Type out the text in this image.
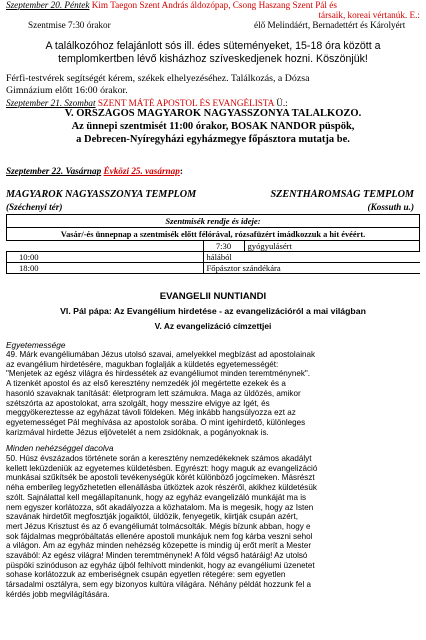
Szeptember 20. Péntek Kim Taegon Szent András áldozópap, Csong Haszang Szent Pál és
társaik, koreai vértanúk. E.:
Szentmise 7:30 órakor	élő Melindáért, Bernadettért és Károlyért
A találkozóhoz felajánlott sós ill. édes süteményeket, 15-18 óra között a
templomkertben lévő kisházhoz szíveskedjenek hozni. Köszönjük!
Férfi-testvérek segítségét kérem, székek elhelyezéséhez. Találkozás, a Dózsa
Gimnázium előtt 16:00 órakor.
Szeptember 21. Szombat SZENT MÁTÉ APOSTOL ÉS EVANGÉLISTA Ü.:
V. ORSZÁGOS MAGYAROK NAGYASSZONYA TALÁLKOZÓ.
Az ünnepi szentmisét 11:00 órakor, BOSÁK NÁNDOR püspök,
a Debrecen-Nyíregyházi egyházmegye főpásztora mutatja be.
Szeptember 22. Vasárnap Évközi 25. vasárnap:
MAGYAROK NAGYASSZONYA TEMPLOM	SZENTHÁROMSÁG TEMPLOM
(Széchenyi tér)	(Kossuth u.)
Szentmisék rendje és ideje:		
Vasár/-és ünnepnap a szentmisék előtt félórával, rózsafüzért imádkozzuk a hit évéért.		
	7:30	gyógyulásért
10:00	hálából	
18:00	Főpásztor szándékára	
EVANGELII NUNTIANDI
VI. Pál pápa: Az Evangélium hirdetése - az evangelizációról a mai világban
V. Az evangelizáció címzettjei
Egyetemessége
49. Márk evangéliumában Jézus utolsó szavai, amelyekkel megbízást ad apostolainak
az evangélium hirdetésére, magukban foglalják a küldetés egyetemességét:
"Menjetek az egész világra és hirdessétek az evangéliumot minden teremtménynek".
A tizenkét apostol és az első keresztény nemzedék jól megértette ezekek és a
hasonló szavaknak tanítását: életprogram lett számukra. Maga az üldözés, amikor
szétszórta az apostolokat, arra szolgált, hogy messzire elvigye az Igét, és
meggyökereztesse az egyházat távoli földeken. Még inkább hangsúlyozza ezt az
egyetemességet Pál meghívása az apostolok sorába. Ő mint igehirdető, különleges
karizmával hirdette Jézus eljövetelét a nem zsidóknak, a pogányoknak is.
Minden nehézséggel dacolva
50. Húsz évszázados története során a keresztény nemzedékeknek számos akadályt
kellett leküzdeniük az egyetemes küldetésben. Egyrészt: hogy maguk az evangelizáció
munkásai szűkítsék be apostoli tevékenységük körét különböző jogcímeken. Másrészt
néha emberileg legyőzhetetlen ellenállásba ütköztek azok részéről, akikhez küldetésük
szólt. Sajnálattal kell megállapítanunk, hogy az egyház evangelizáló munkáját ma is
nem egyszer korlátozza, sőt akadályozza a közhatalom. Ma is megesik, hogy az Isten
szavának hirdetőit megfosztják jogaiktól, üldözik, fenyegetik, kiirtják csupán azért,
mert Jézus Krisztust és az ő evangéliumát tolmácsolták. Mégis bízunk abban, hogy e
sok fájdalmas megpróbáltatás ellenére apostoli munkájuk nem fog kárba veszni sehol
a világon. Ám az egyház minden nehézség közepette is mindig új erőt merít a Mester
szavából: Az egész világra! Minden teremtménynek! A föld végső határáig! Az utolsó
püspöki szinóduson az egyház újból felhívott mindenkit, hogy az evangéliumi üzenetet
sohase korlátozzuk az emberiségnek csupán egyetlen rétegére: sem egyetlen
társadalmi osztályra, sem egy bizonyos kultúra világára. Néhány példát hozzunk fel a
kérdés jobb megvilágítására.
